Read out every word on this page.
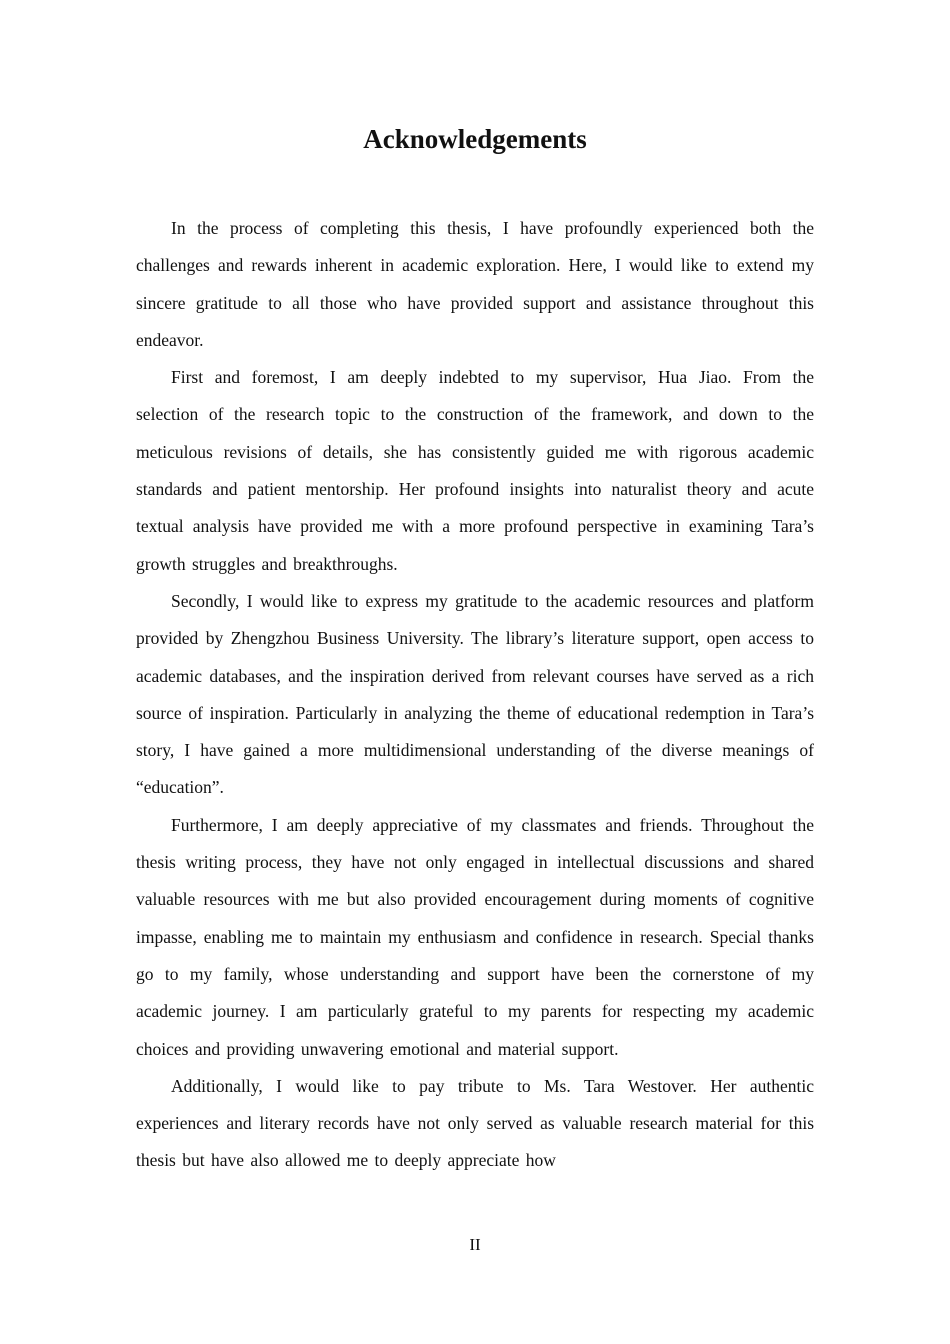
Acknowledgements

In the process of completing this thesis, I have profoundly experienced both the challenges and rewards inherent in academic exploration. Here, I would like to extend my sincere gratitude to all those who have provided support and assistance throughout this endeavor.

First and foremost, I am deeply indebted to my supervisor, Hua Jiao. From the selection of the research topic to the construction of the framework, and down to the meticulous revisions of details, she has consistently guided me with rigorous academic standards and patient mentorship. Her profound insights into naturalist theory and acute textual analysis have provided me with a more profound perspective in examining Tara’s growth struggles and breakthroughs.

Secondly, I would like to express my gratitude to the academic resources and platform provided by Zhengzhou Business University. The library’s literature support, open access to academic databases, and the inspiration derived from relevant courses have served as a rich source of inspiration. Particularly in analyzing the theme of educational redemption in Tara’s story, I have gained a more multidimensional understanding of the diverse meanings of “education”.

Furthermore, I am deeply appreciative of my classmates and friends. Throughout the thesis writing process, they have not only engaged in intellectual discussions and shared valuable resources with me but also provided encouragement during moments of cognitive impasse, enabling me to maintain my enthusiasm and confidence in research. Special thanks go to my family, whose understanding and support have been the cornerstone of my academic journey. I am particularly grateful to my parents for respecting my academic choices and providing unwavering emotional and material support.

Additionally, I would like to pay tribute to Ms. Tara Westover. Her authentic experiences and literary records have not only served as valuable research material for this thesis but have also allowed me to deeply appreciate how

II
